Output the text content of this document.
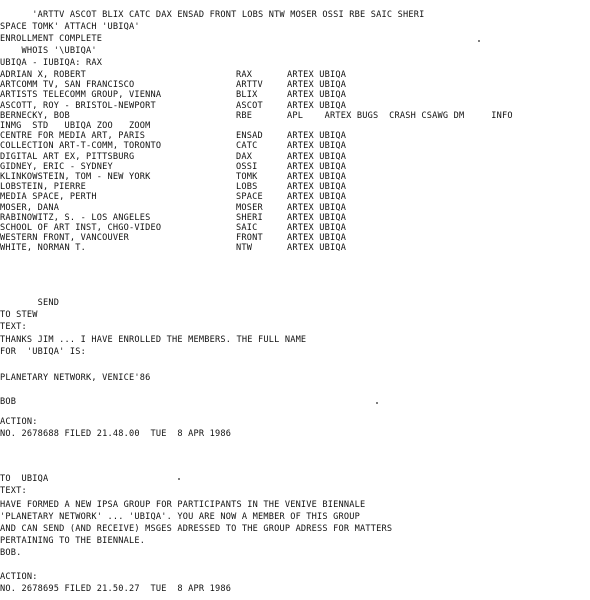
'ARTTV ASCOT BLIX CATC DAX ENSAD FRONT LOBS NTW MOSER OSSI RBE SAIC SHERI
SPACE TOMK' ATTACH 'UBIQA'
ENROLLMENT COMPLETE
WHOIS '\UBIQA'
UBIQA - IUBIQA: RAX
ADRIAN X, ROBERT	RAX	ARTEX UBIQA
ARTCOMM TV, SAN FRANCISCO	ARTTV	ARTEX UBIQA
ARTISTS TELECOMM GROUP, VIENNA	BLIX	ARTEX UBIQA
ASCOTT, ROY - BRISTOL-NEWPORT	ASCOT	ARTEX UBIQA
BERNECKY, BOB	RBE	APL    ARTEX BUGS  CRASH CSAWG DM     INFO
INMG  STD   UBIQA ZOO   ZOOM
CENTRE FOR MEDIA ART, PARIS	ENSAD	ARTEX UBIQA
COLLECTION ART-T-COMM, TORONTO	CATC	ARTEX UBIQA
DIGITAL ART EX, PITTSBURG	DAX	ARTEX UBIQA
GIDNEY, ERIC - SYDNEY	OSSI	ARTEX UBIQA
KLINKOWSTEIN, TOM - NEW YORK	TOMK	ARTEX UBIQA
LOBSTEIN, PIERRE	LOBS	ARTEX UBIQA
MEDIA SPACE, PERTH	SPACE	ARTEX UBIQA
MOSER, DANA	MOSER	ARTEX UBIQA
RABINOWITZ, S. - LOS ANGELES	SHERI	ARTEX UBIQA
SCHOOL OF ART INST, CHGO-VIDEO	SAIC	ARTEX UBIQA
WESTERN FRONT, VANCOUVER	FRONT	ARTEX UBIQA
WHITE, NORMAN T.	NTW	ARTEX UBIQA
SEND
TO STEW
TEXT:
THANKS JIM ... I HAVE ENROLLED THE MEMBERS. THE FULL NAME
FOR  'UBIQA' IS:
PLANETARY NETWORK, VENICE'86
BOB
ACTION:
NO. 2678688 FILED 21.48.00  TUE  8 APR 1986
TO  UBIQA
TEXT:
HAVE FORMED A NEW IPSA GROUP FOR PARTICIPANTS IN THE VENIVE BIENNALE
'PLANETARY NETWORK' ... 'UBIQA'. YOU ARE NOW A MEMBER OF THIS GROUP
AND CAN SEND (AND RECEIVE) MSGES ADRESSED TO THE GROUP ADRESS FOR MATTERS
PERTAINING TO THE BIENNALE.
BOB.
ACTION:
NO. 2678695 FILED 21.50.27  TUE  8 APR 1986
